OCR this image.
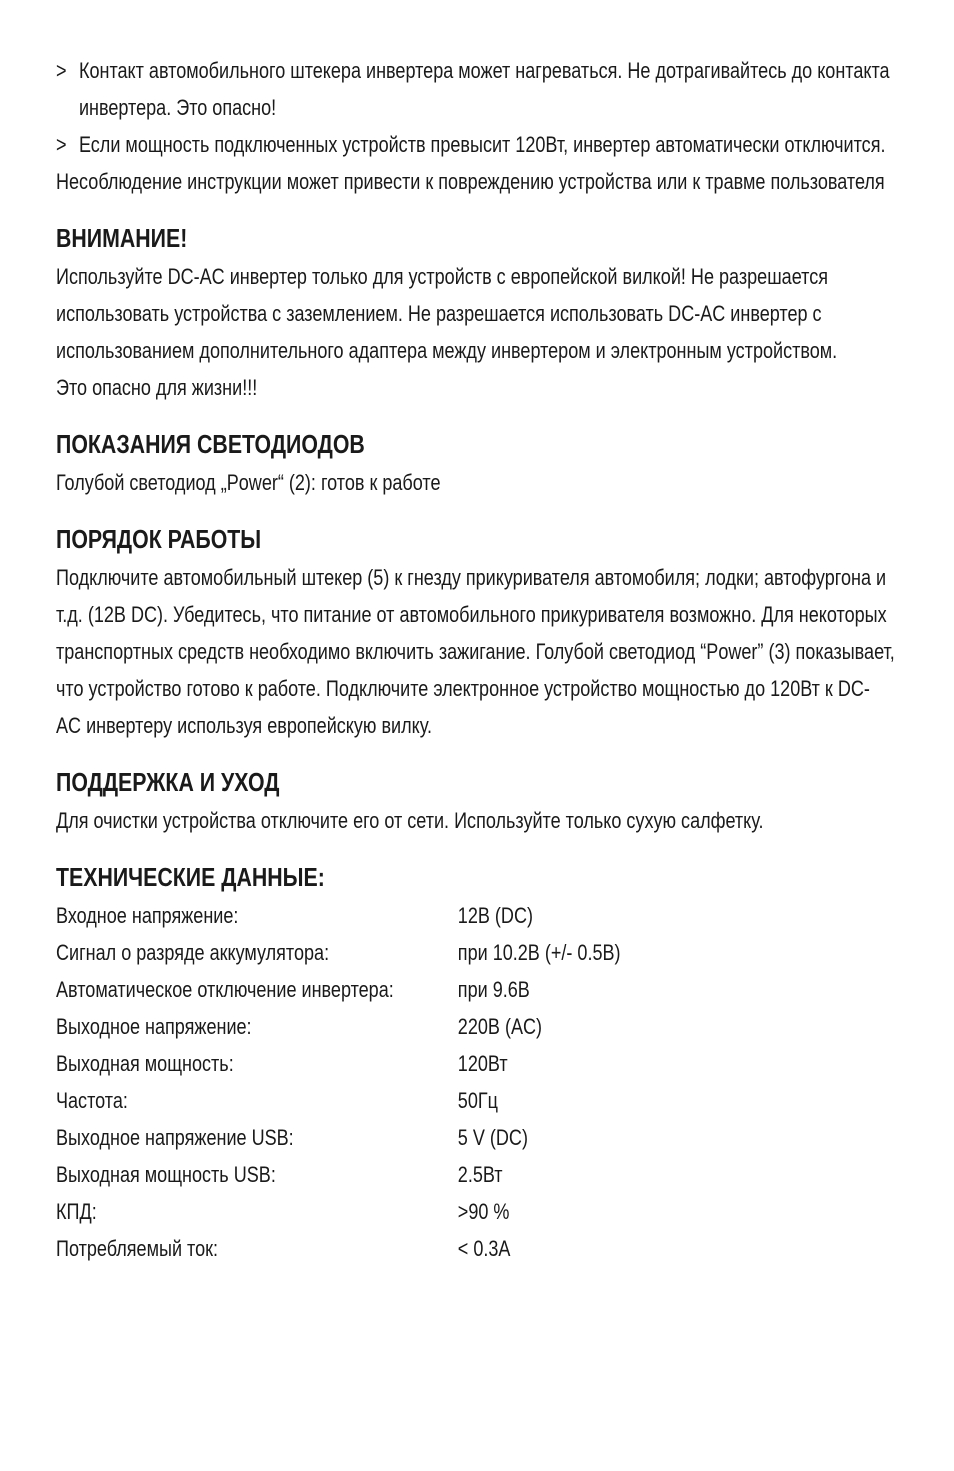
> Контакт автомобильного штекера инвертера может нагреваться. Не дотрагивайтесь до контакта инвертера. Это опасно!
> Если мощность подключенных устройств превысит 120Вт, инвертер автоматически отключится.
Несоблюдение инструкции может привести к повреждению устройства или к травме пользователя
ВНИМАНИЕ!
Используйте DC-AC инвертер только для устройств с европейской вилкой! Не разрешается использовать устройства с заземлением. Не разрешается использовать DC-AC инвертер с использованием дополнительного адаптера между инвертером и электронным устройством.
Это опасно для жизни!!!
ПОКАЗАНИЯ СВЕТОДИОДОВ
Голубой светодиод „Power“ (2): готов к работе
ПОРЯДОК РАБОТЫ
Подключите автомобильный штекер (5) к гнезду прикуривателя автомобиля; лодки; автофургона и т.д. (12В DC). Убедитесь, что питание от автомобильного прикуривателя возможно. Для некоторых транспортных средств необходимо включить зажигание. Голубой светодиод “Power” (3) показывает, что устройство готово к работе. Подключите электронное устройство мощностью до 120Вт к DC- AC инвертеру используя европейскую вилку.
ПОДДЕРЖКА И УХОД
Для очистки устройства отключите его от сети. Используйте только сухую салфетку.
ТЕХНИЧЕСКИЕ ДАННЫЕ:
Входное напряжение:	12В (DC)
Сигнал о разряде аккумулятора:	при 10.2В (+/- 0.5В)
Автоматическое отключение инвертера:	при 9.6В
Выходное напряжение:	220В (AC)
Выходная мощность:	120Вт
Частота:	50Гц
Выходное напряжение USB:	5 V (DC)
Выходная мощность USB:	2.5Вт
КПД:	>90 %
Потребляемый ток:	< 0.3А
